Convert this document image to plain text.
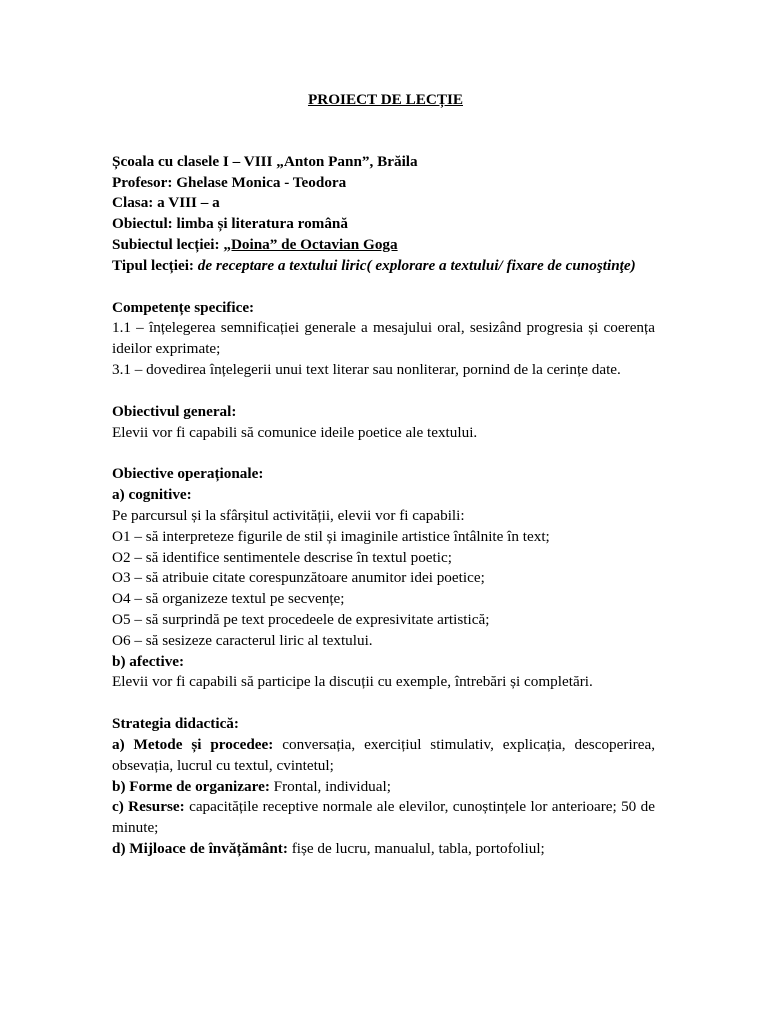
PROIECT DE LECȚIE
Școala cu clasele I – VIII „Anton Pann”, Brăila
Profesor: Ghelase Monica - Teodora
Clasa: a VIII – a
Obiectul: limba și literatura română
Subiectul lecției: „Doina” de Octavian Goga
Tipul lecției: de receptare a textului liric( explorare a textului/ fixare de cunoştinţe)
Competențe specifice:
1.1 – înțelegerea semnificației generale a mesajului oral, sesizând progresia și coerența ideilor exprimate;
3.1 – dovedirea înțelegerii unui text literar sau nonliterar, pornind de la cerințe date.
Obiectivul general:
Elevii vor fi capabili să comunice ideile poetice ale textului.
Obiective operaționale:
a) cognitive:
Pe parcursul și la sfârșitul activității, elevii vor fi capabili:
O1 – să interpreteze figurile de stil și imaginile artistice întâlnite în text;
O2 – să identifice sentimentele descrise în textul poetic;
O3 – să atribuie citate corespunzătoare anumitor idei poetice;
O4 – să organizeze textul pe secvențe;
O5 – să surprindă pe text procedeele de expresivitate artistică;
O6 – să sesizeze caracterul liric al textului.
b) afective:
Elevii vor fi capabili să participe la discuții cu exemple, întrebări și completări.
Strategia didactică:
a) Metode și procedee: conversația, exercițiul stimulativ, explicația, descoperirea, obsevația, lucrul cu textul, cvintetul;
b) Forme de organizare: Frontal, individual;
c) Resurse: capacitățile receptive normale ale elevilor, cunoștințele lor anterioare; 50 de minute;
d) Mijloace de învățământ: fișe de lucru, manualul, tabla, portofoliul;
